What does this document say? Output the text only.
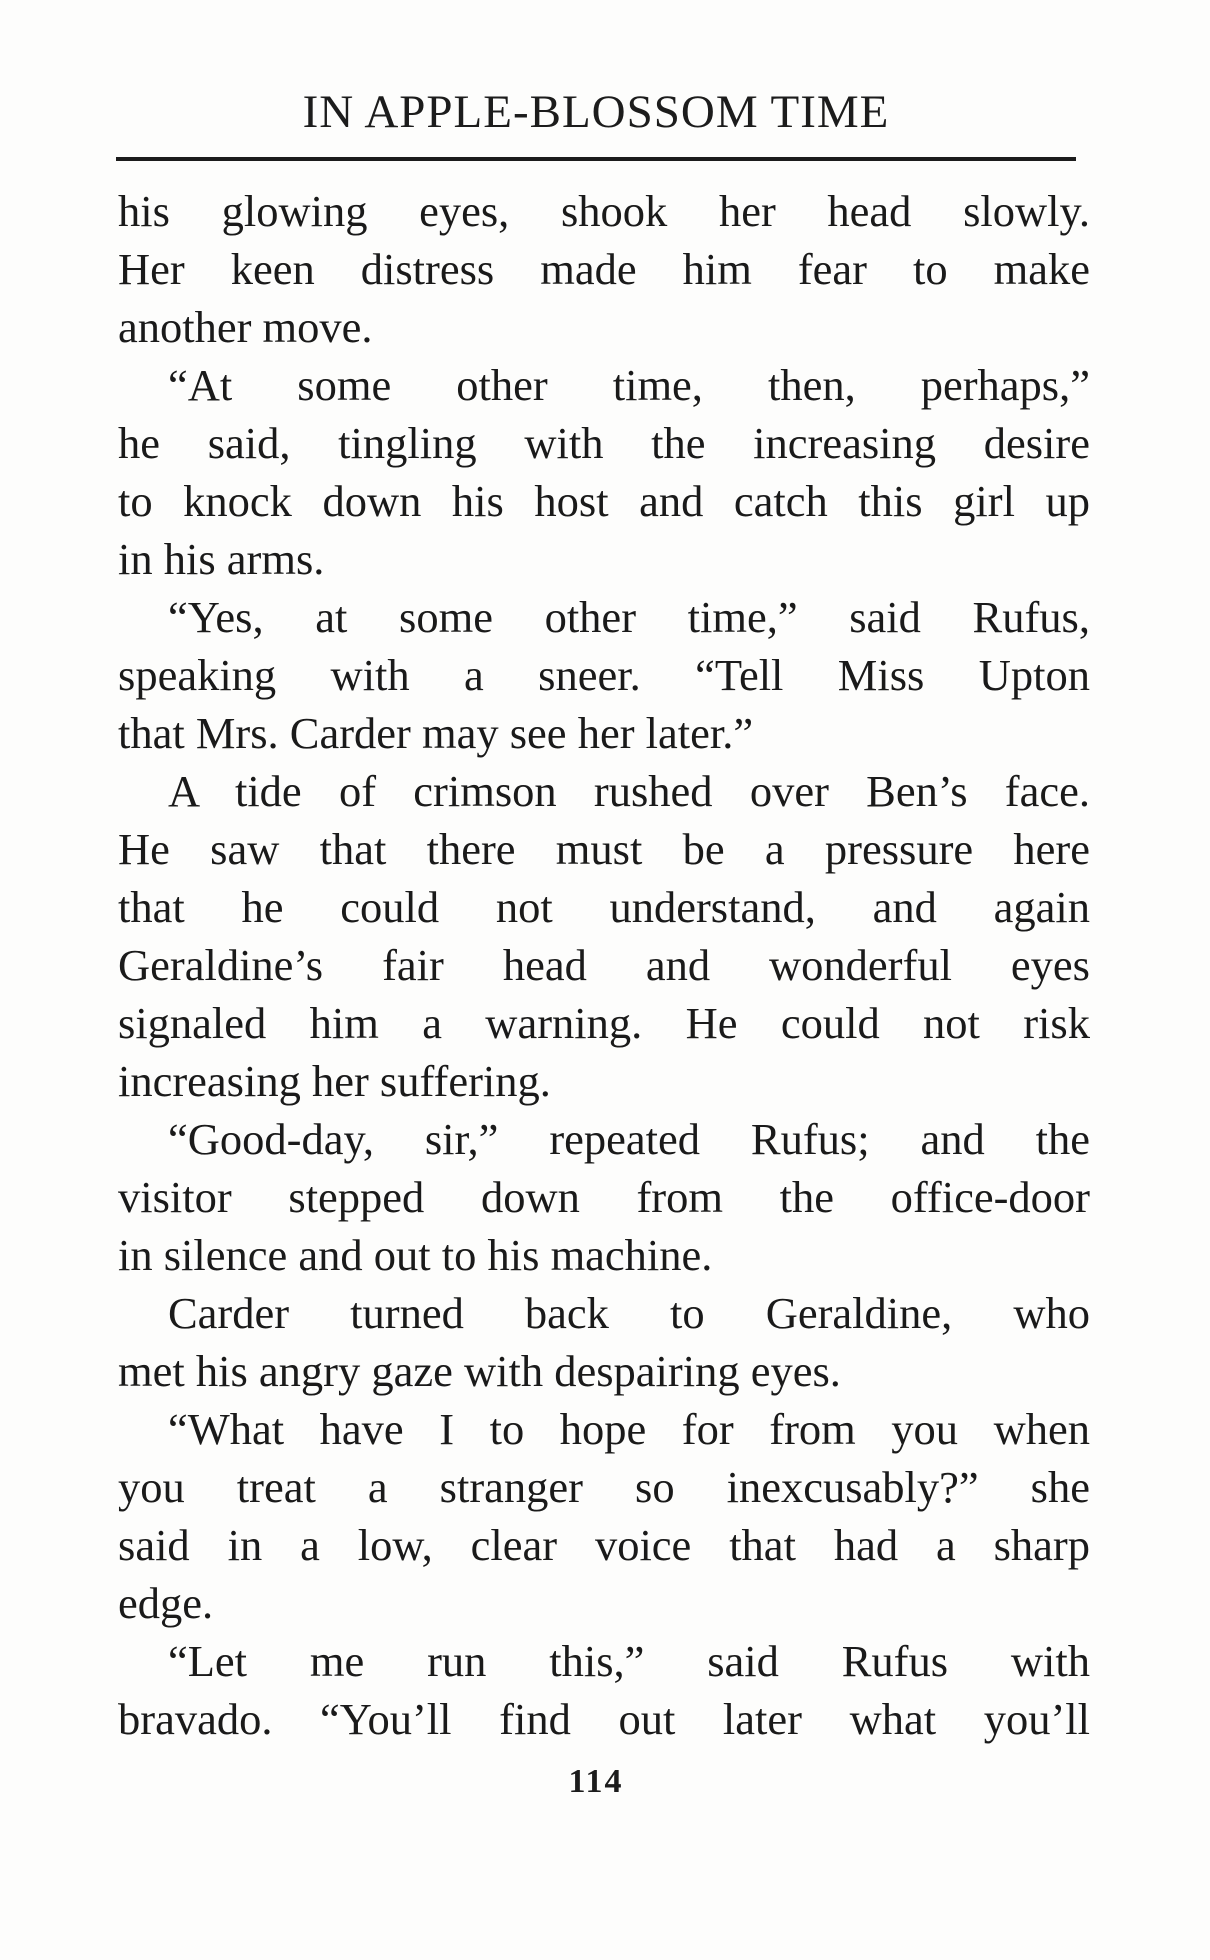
IN APPLE-BLOSSOM TIME
his glowing eyes, shook her head slowly.
Her keen distress made him fear to make
another move.
“At some other time, then, perhaps,”
he said, tingling with the increasing desire
to knock down his host and catch this girl up
in his arms.
“Yes, at some other time,” said Rufus,
speaking with a sneer. “Tell Miss Upton
that Mrs. Carder may see her later.”
A tide of crimson rushed over Ben’s face.
He saw that there must be a pressure here
that he could not understand, and again
Geraldine’s fair head and wonderful eyes
signaled him a warning. He could not risk
increasing her suffering.
“Good-day, sir,” repeated Rufus; and the
visitor stepped down from the office-door
in silence and out to his machine.
Carder turned back to Geraldine, who
met his angry gaze with despairing eyes.
“What have I to hope for from you when
you treat a stranger so inexcusably?” she
said in a low, clear voice that had a sharp
edge.
“Let me run this,” said Rufus with
bravado. “You’ll find out later what you’ll
114
